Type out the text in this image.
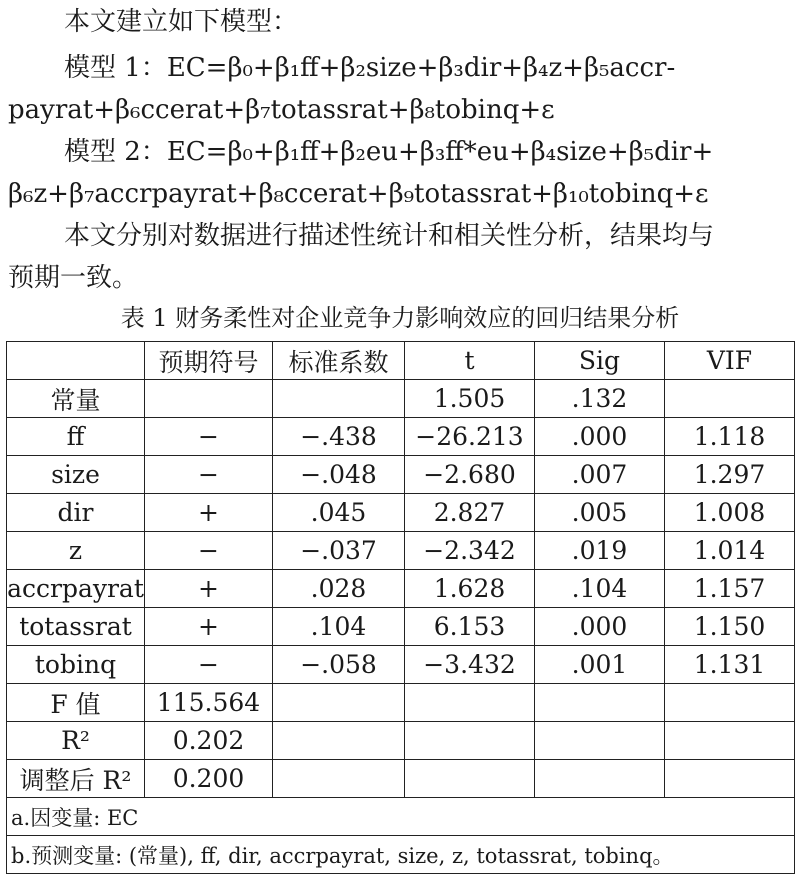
本文建立如下模型：
模型 1：EC=β₀+β₁ff+β₂size+β₃dir+β₄z+β₅accr-
payrat+β₆ccerat+β₇totassrat+β₈tobinq+ε
模型 2：EC=β₀+β₁ff+β₂eu+β₃ff*eu+β₄size+β₅dir+
β₆z+β₇accrpayrat+β₈ccerat+β₉totassrat+β₁₀tobinq+ε
本文分别对数据进行描述性统计和相关性分析，结果均与
预期一致。
表 1 财务柔性对企业竞争力影响效应的回归结果分析
	预期符号	标准系数	t	Sig	VIF
常量			1.505	.132	
ff	−	−.438	−26.213	.000	1.118
size	−	−.048	−2.680	.007	1.297
dir	+	.045	2.827	.005	1.008
z	−	−.037	−2.342	.019	1.014
accrpayrat	+	.028	1.628	.104	1.157
totassrat	+	.104	6.153	.000	1.150
tobinq	−	−.058	−3.432	.001	1.131
F 值	115.564				
R²	0.202				
调整后 R²	0.200				
a.因变量: EC					
b.预测变量: (常量), ff, dir, accrpayrat, size, z, totassrat, tobinq。					
